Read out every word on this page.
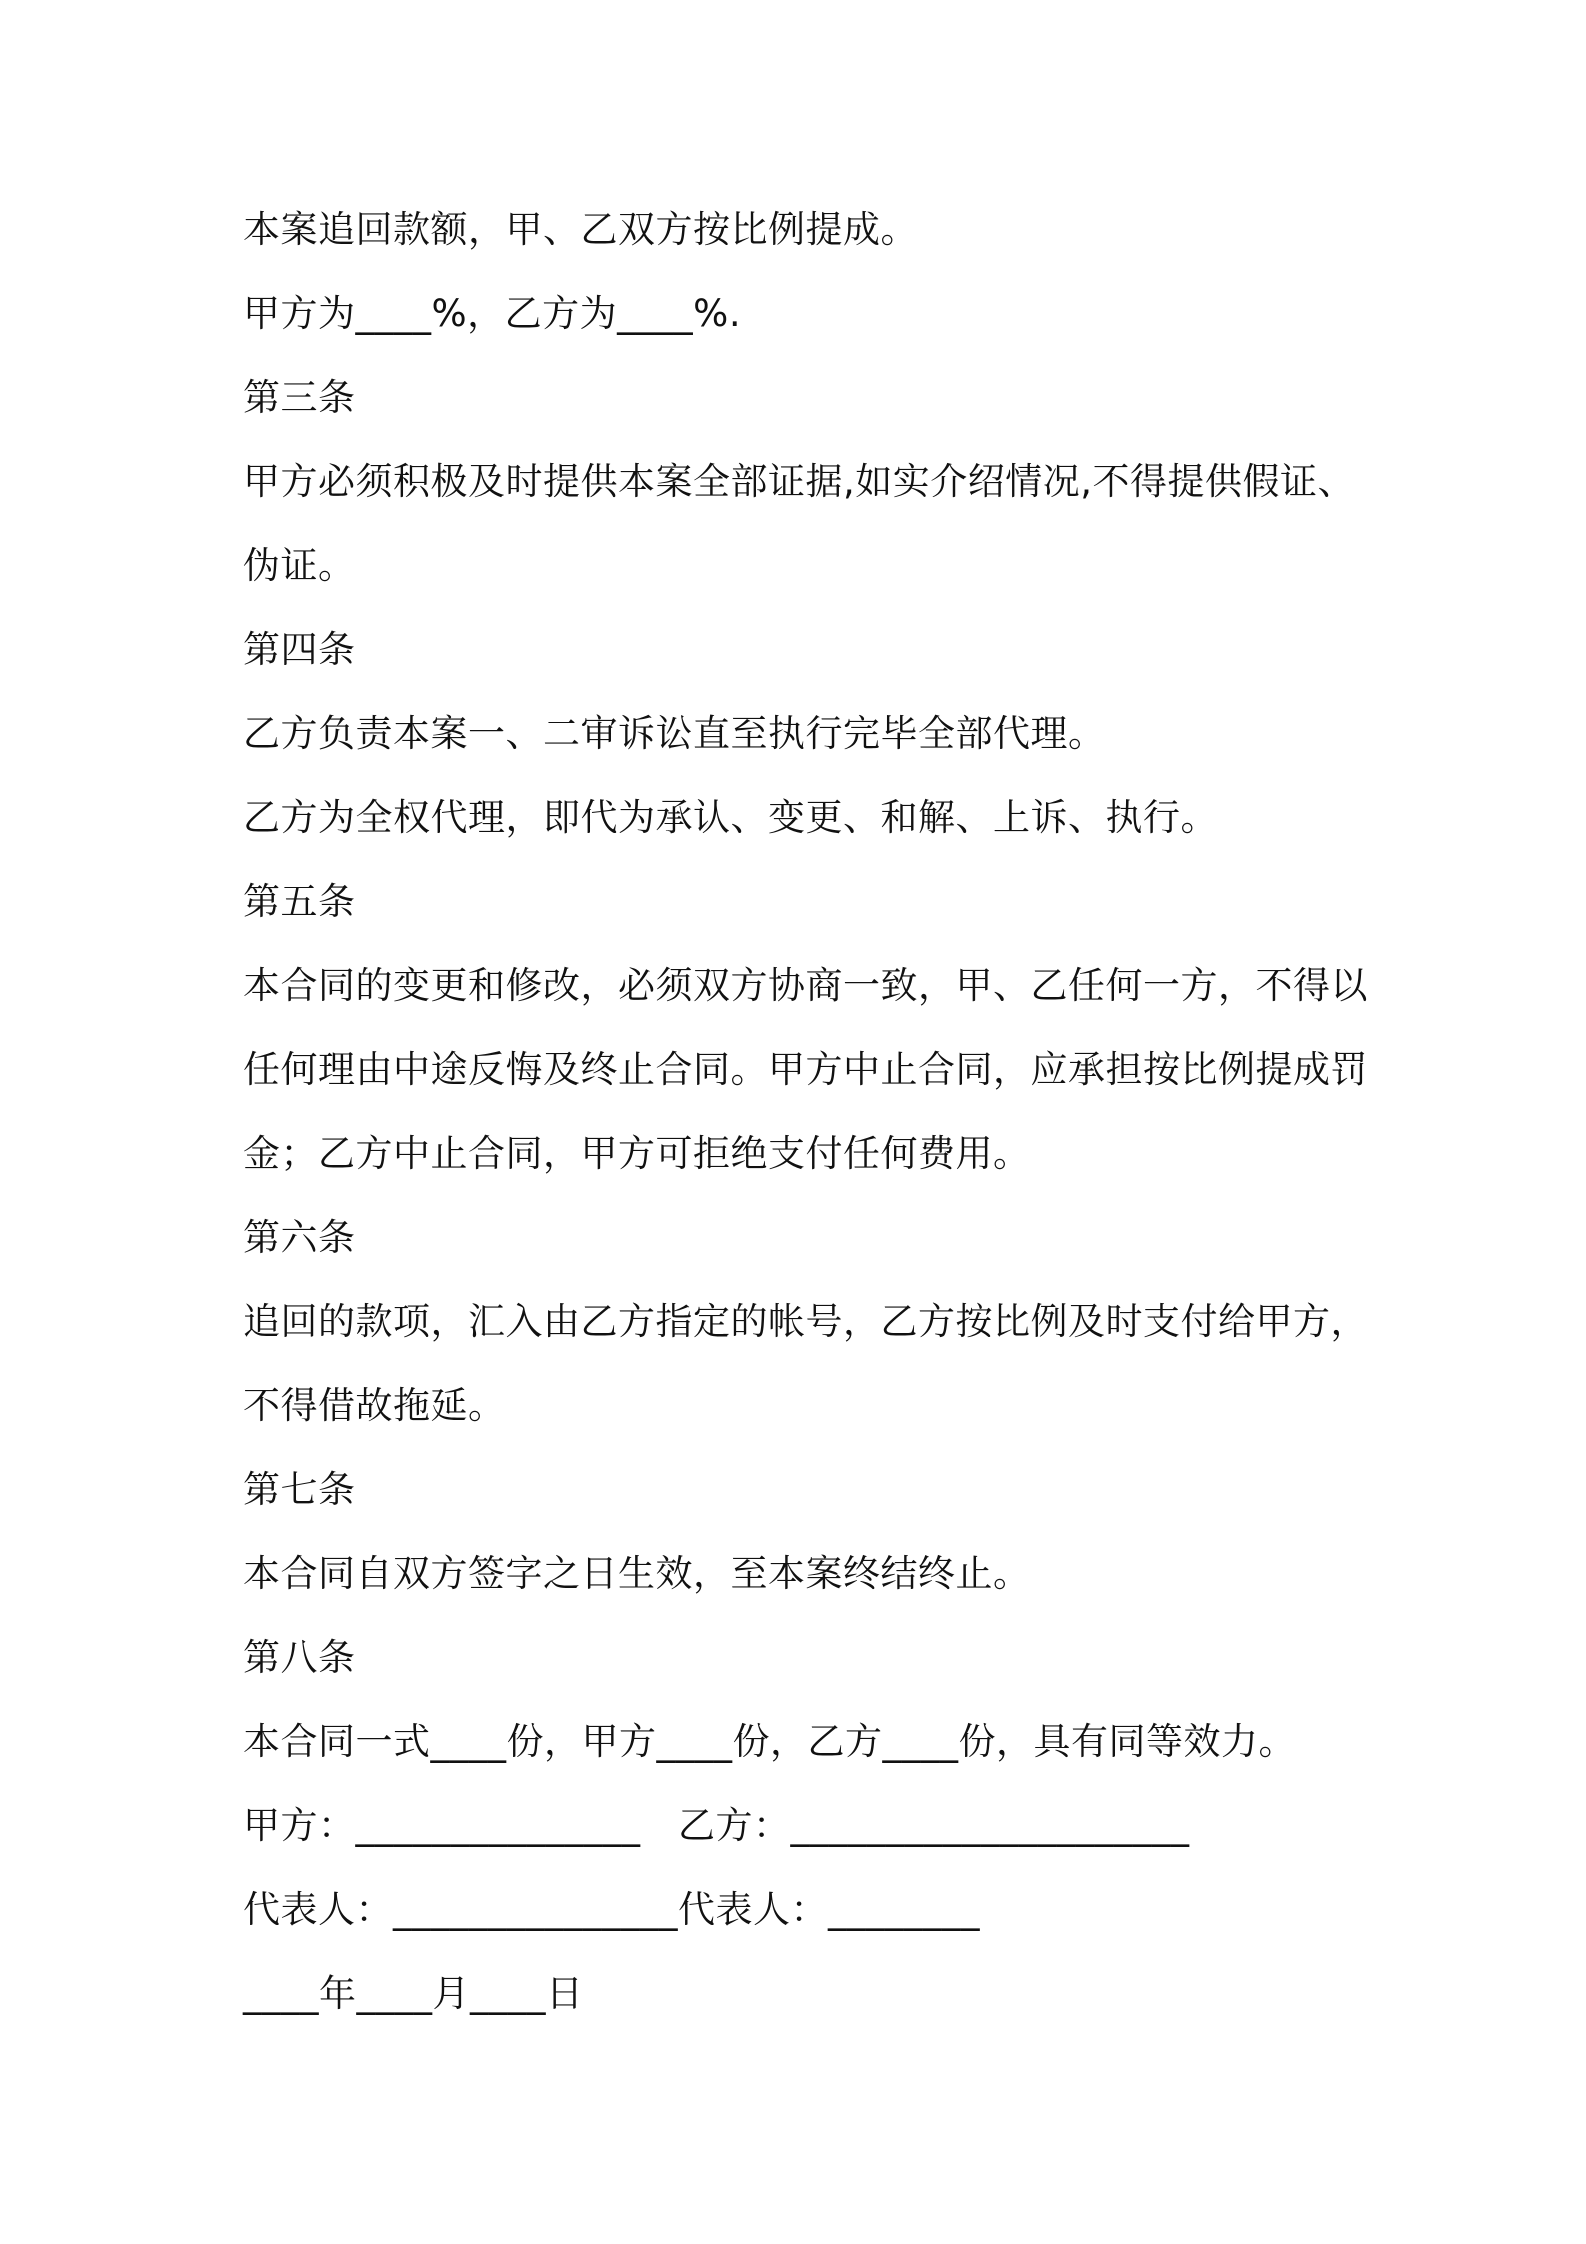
本案追回款额，甲、乙双方按比例提成。
甲方为____%，乙方为____%.
第三条
甲方必须积极及时提供本案全部证据,如实介绍情况,不得提供假证、
伪证。
第四条
乙方负责本案一、二审诉讼直至执行完毕全部代理。
乙方为全权代理，即代为承认、变更、和解、上诉、执行。
第五条
本合同的变更和修改，必须双方协商一致，甲、乙任何一方，不得以
任何理由中途反悔及终止合同。甲方中止合同，应承担按比例提成罚
金；乙方中止合同，甲方可拒绝支付任何费用。
第六条
追回的款项，汇入由乙方指定的帐号，乙方按比例及时支付给甲方，
不得借故拖延。
第七条
本合同自双方签字之日生效，至本案终结终止。
第八条
本合同一式____份，甲方____份，乙方____份，具有同等效力。
甲方：_______________　乙方：_____________________
代表人：_______________代表人：________
____年____月____日
